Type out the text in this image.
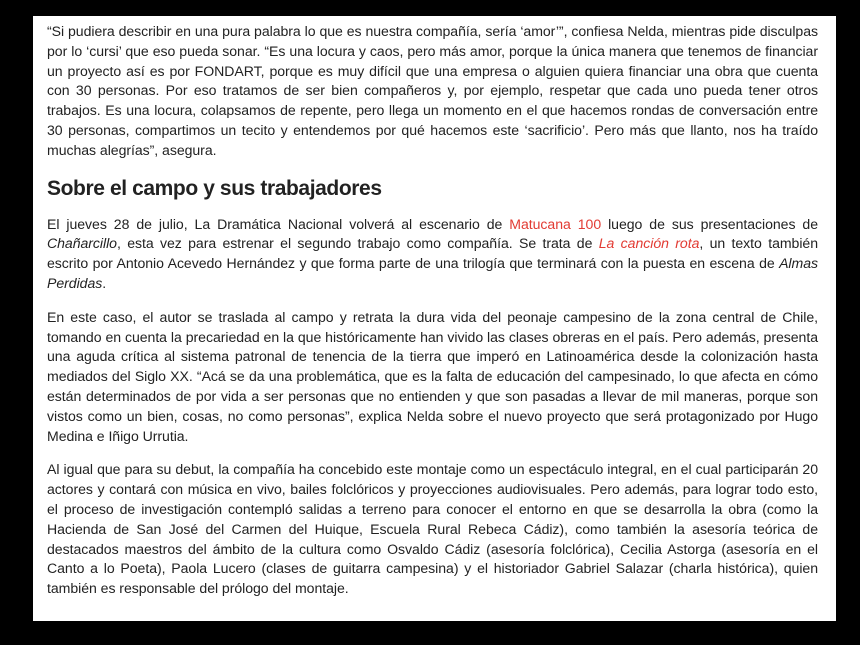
“Si pudiera describir en una pura palabra lo que es nuestra compañía, sería ‘amor’”, confiesa Nelda, mientras pide disculpas por lo ‘cursi’ que eso pueda sonar. “Es una locura y caos, pero más amor, porque la única manera que tenemos de financiar un proyecto así es por FONDART, porque es muy difícil que una empresa o alguien quiera financiar una obra que cuenta con 30 personas. Por eso tratamos de ser bien compañeros y, por ejemplo, respetar que cada uno pueda tener otros trabajos. Es una locura, colapsamos de repente, pero llega un momento en el que hacemos rondas de conversación entre 30 personas, compartimos un tecito y entendemos por qué hacemos este ‘sacrificio’. Pero más que llanto, nos ha traído muchas alegrías”, asegura.

Sobre el campo y sus trabajadores

El jueves 28 de julio, La Dramática Nacional volverá al escenario de Matucana 100 luego de sus presentaciones de Chañarcillo, esta vez para estrenar el segundo trabajo como compañía. Se trata de La canción rota, un texto también escrito por Antonio Acevedo Hernández y que forma parte de una trilogía que terminará con la puesta en escena de Almas Perdidas.

En este caso, el autor se traslada al campo y retrata la dura vida del peonaje campesino de la zona central de Chile, tomando en cuenta la precariedad en la que históricamente han vivido las clases obreras en el país. Pero además, presenta una aguda crítica al sistema patronal de tenencia de la tierra que imperó en Latinoamérica desde la colonización hasta mediados del Siglo XX. “Acá se da una problemática, que es la falta de educación del campesinado, lo que afecta en cómo están determinados de por vida a ser personas que no entienden y que son pasadas a llevar de mil maneras, porque son vistos como un bien, cosas, no como personas”, explica Nelda sobre el nuevo proyecto que será protagonizado por Hugo Medina e Iñigo Urrutia.

Al igual que para su debut, la compañía ha concebido este montaje como un espectáculo integral, en el cual participarán 20 actores y contará con música en vivo, bailes folclóricos y proyecciones audiovisuales. Pero además, para lograr todo esto, el proceso de investigación contempló salidas a terreno para conocer el entorno en que se desarrolla la obra (como la Hacienda de San José del Carmen del Huique, Escuela Rural Rebeca Cádiz), como también la asesoría teórica de destacados maestros del ámbito de la cultura como Osvaldo Cádiz (asesoría folclórica), Cecilia Astorga (asesoría en el Canto a lo Poeta), Paola Lucero (clases de guitarra campesina) y el historiador Gabriel Salazar (charla histórica), quien también es responsable del prólogo del montaje.
